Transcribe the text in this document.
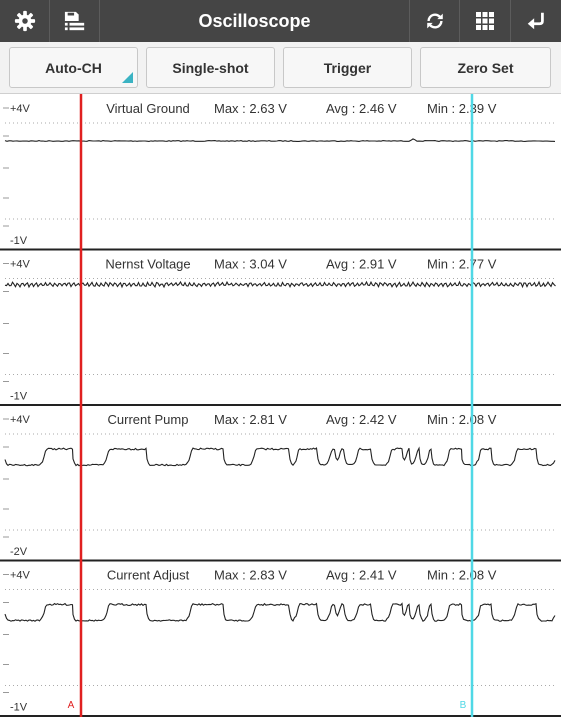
Oscilloscope
Auto-CH	Single-shot	Trigger	Zero Set
+4V
-1V
Virtual Ground Max : 2.63 V	Avg : 2.46 V Min : 2.39 V
+4V
-1V
Nernst Voltage Max : 3.04 V	Avg : 2.91 V Min : 2.77 V
+4V
-2V
Current Pump Max : 2.81 V	Avg : 2.42 V Min : 2.08 V
+4V
-1V
Current Adjust Max : 2.83 V	Avg : 2.41 V Min : 2.08 V
A	B
